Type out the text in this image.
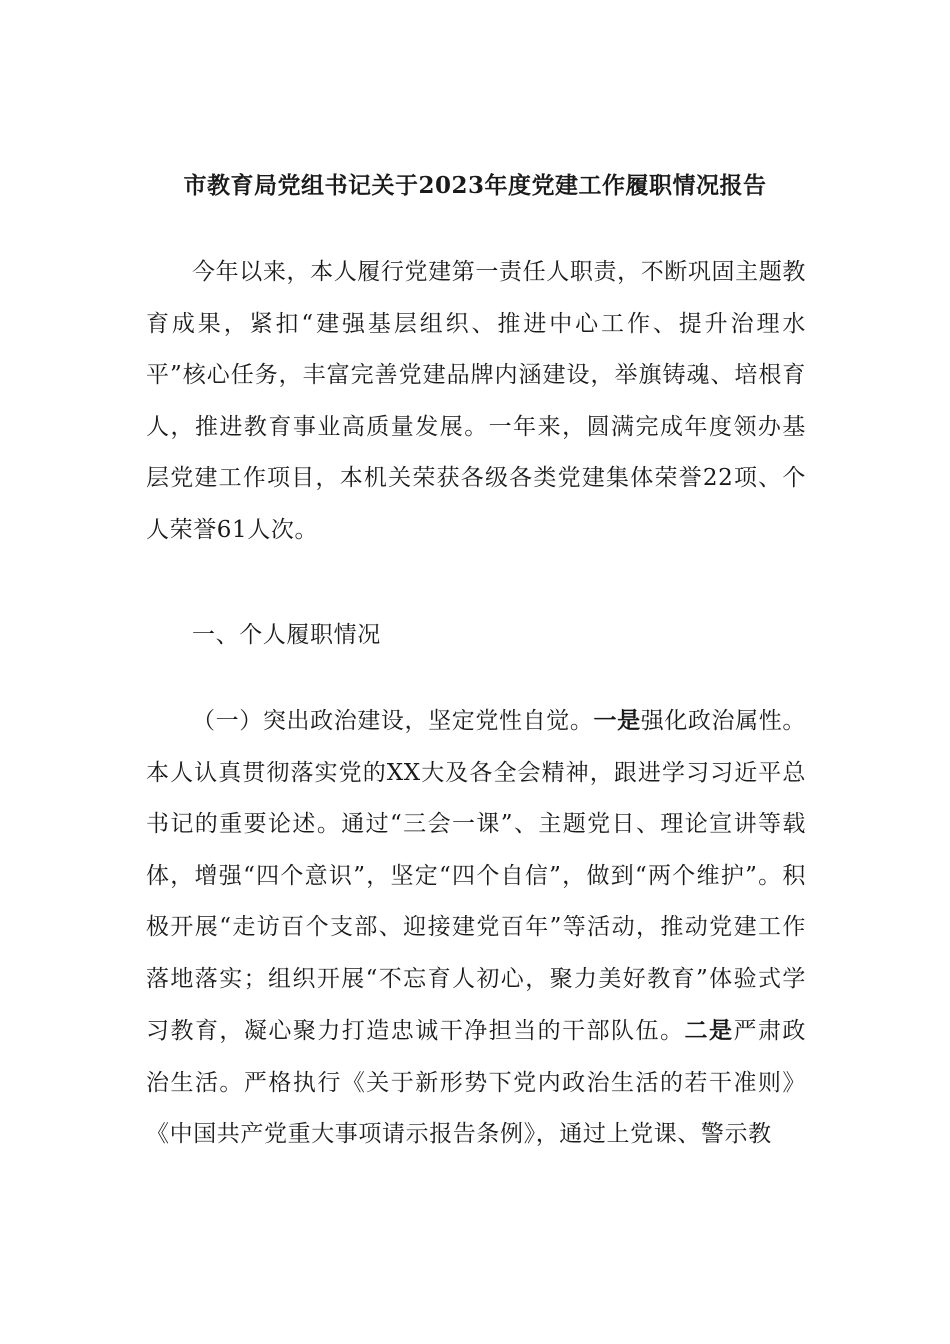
市教育局党组书记关于2023年度党建工作履职情况报告
今年以来，本人履行党建第一责任人职责，不断巩固主题教育成果，紧扣“建强基层组织、推进中心工作、提升治理水平”核心任务，丰富完善党建品牌内涵建设，举旗铸魂、培根育人，推进教育事业高质量发展。一年来，圆满完成年度领办基层党建工作项目，本机关荣获各级各类党建集体荣誉22项、个人荣誉61人次。
一、个人履职情况
（一）突出政治建设，坚定党性自觉。一是强化政治属性。本人认真贯彻落实党的XX大及各全会精神，跟进学习习近平总书记的重要论述。通过“三会一课”、主题党日、理论宣讲等载体，增强“四个意识”，坚定“四个自信”，做到“两个维护”。积极开展“走访百个支部、迎接建党百年”等活动，推动党建工作落地落实；组织开展“不忘育人初心，聚力美好教育”体验式学习教育，凝心聚力打造忠诚干净担当的干部队伍。二是严肃政治生活。严格执行《关于新形势下党内政治生活的若干准则》《中国共产党重大事项请示报告条例》，通过上党课、警示教
